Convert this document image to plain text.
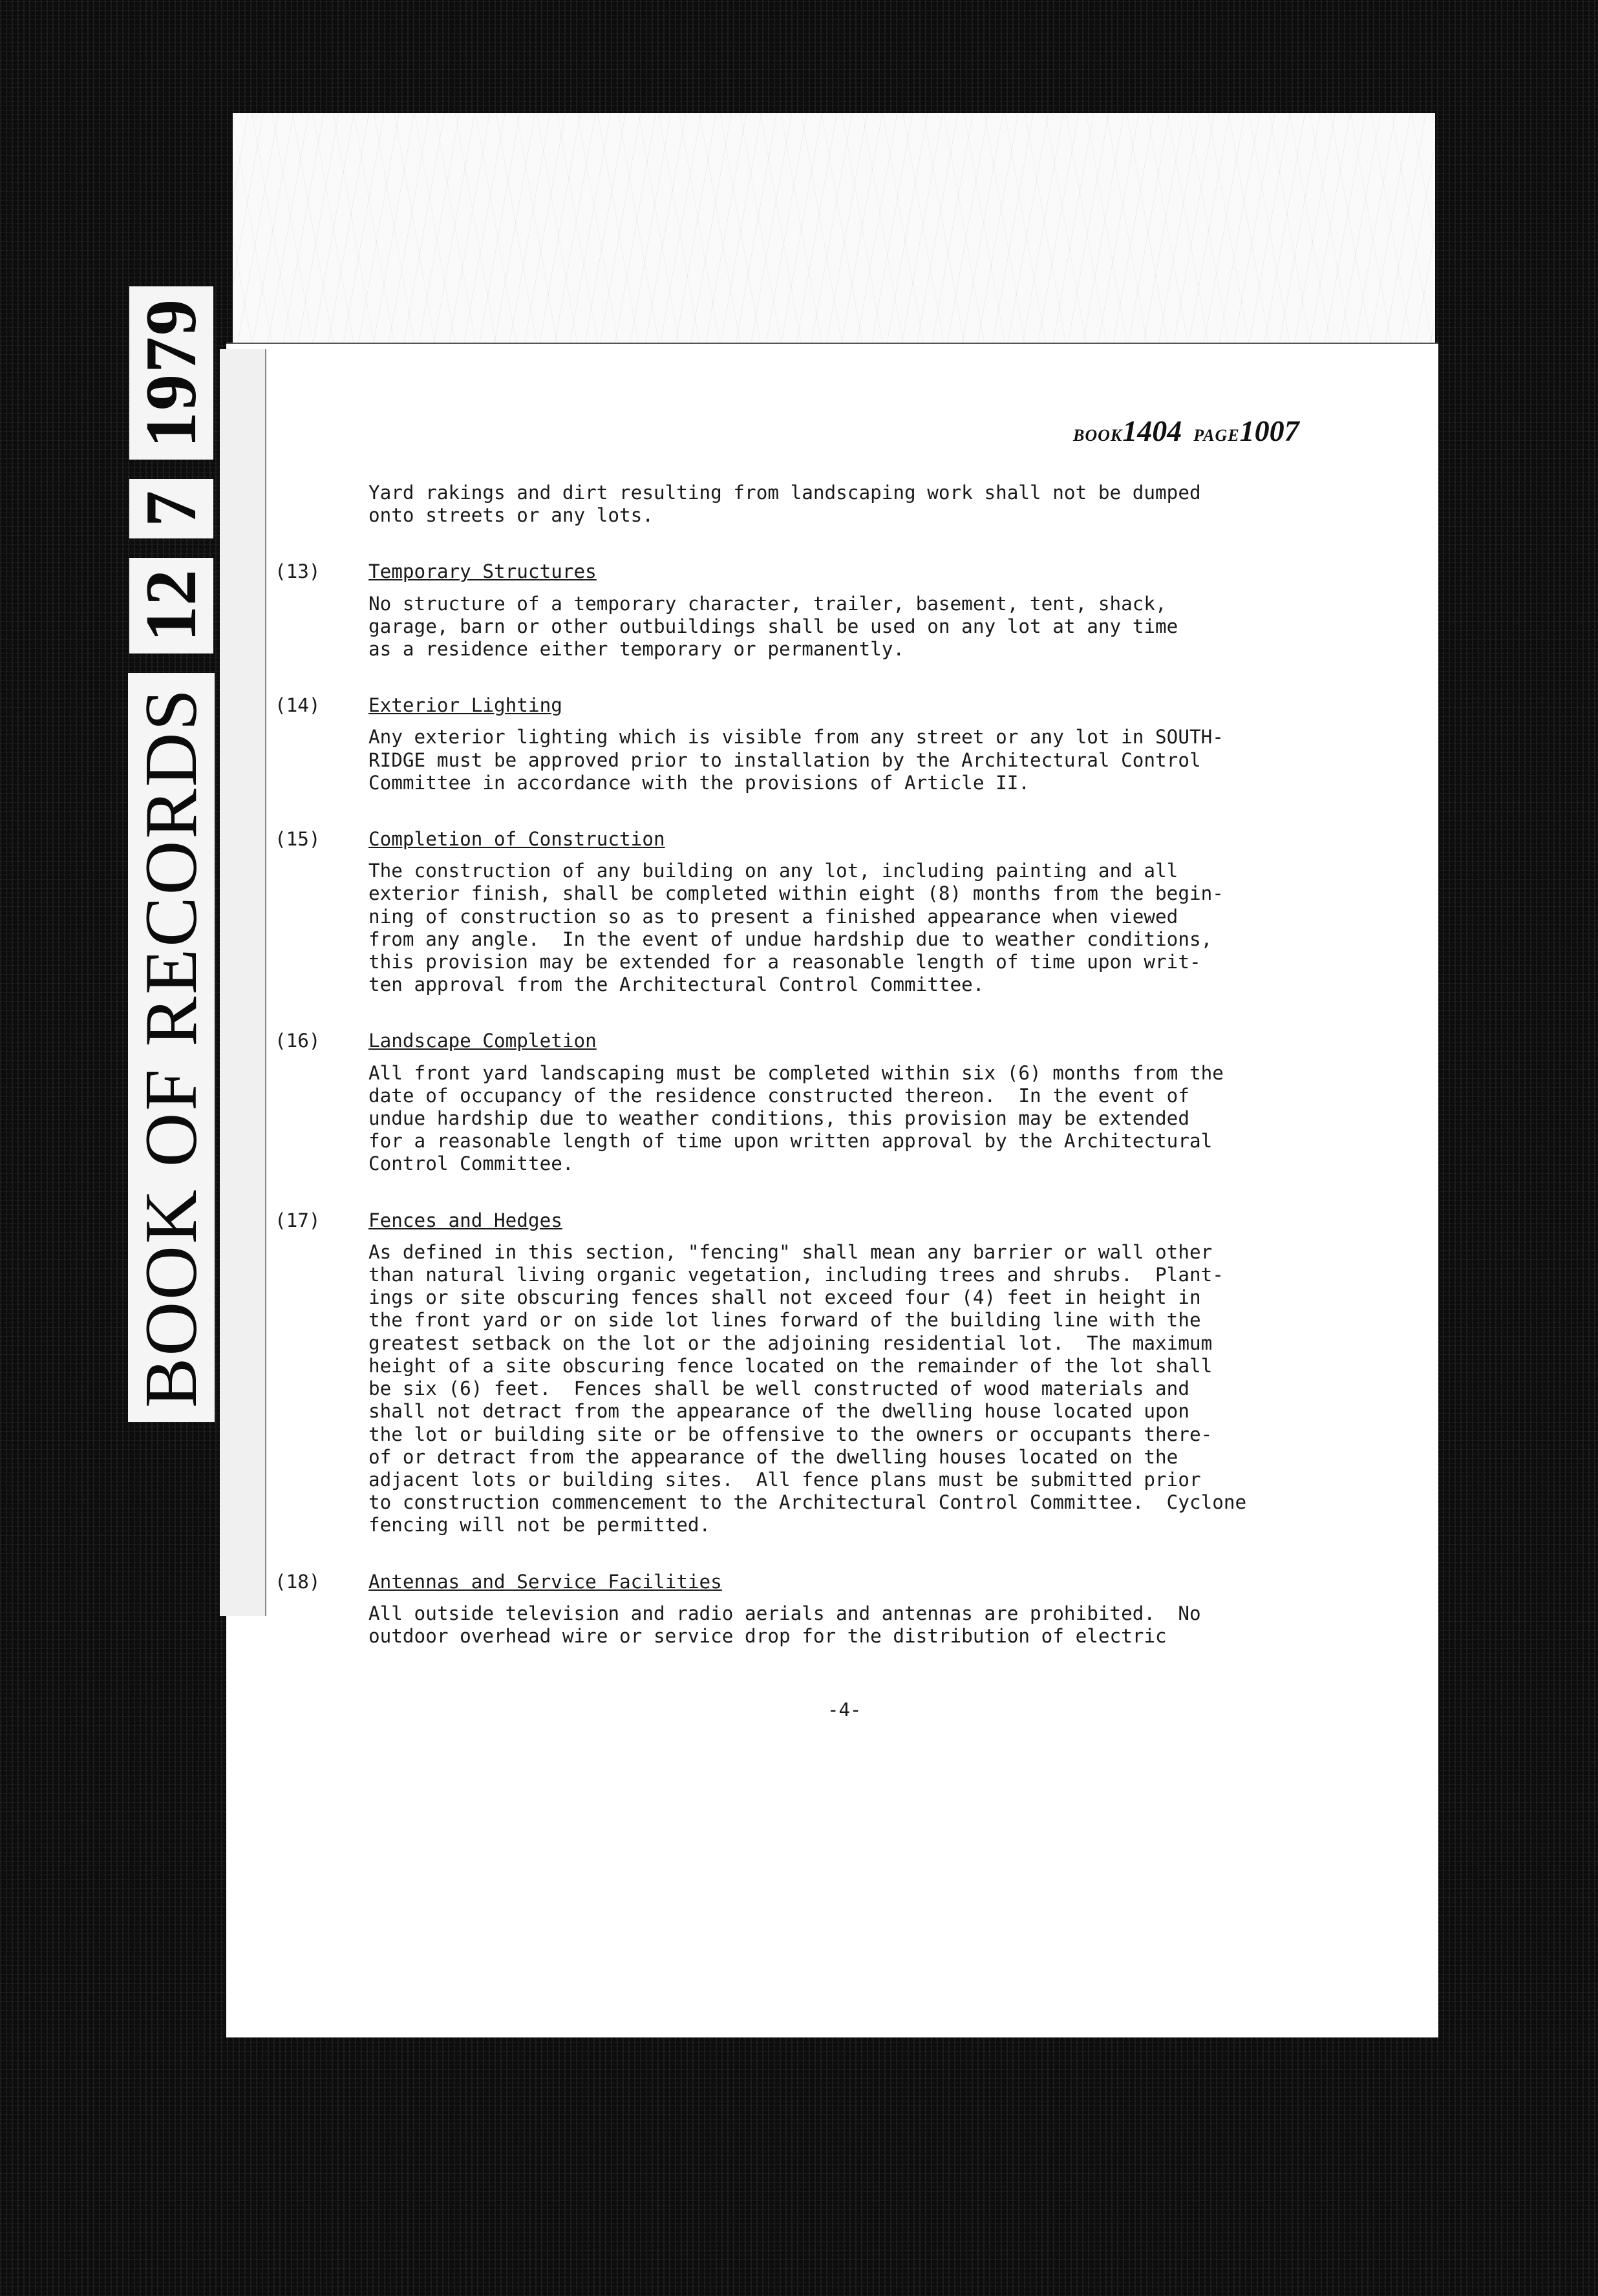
BOOK OF RECORDS
12
7
1979	BOOK1404 PAGE1007

Yard rakings and dirt resulting from landscaping work shall not be dumped

onto streets or any lots.

(13)	Temporary Structures

No structure of a temporary character, trailer, basement, tent, shack,

garage, barn or other outbuildings shall be used on any lot at any time

as a residence either temporary or permanently.

(14)	Exterior Lighting

Any exterior lighting which is visible from any street or any lot in SOUTH-

RIDGE must be approved prior to installation by the Architectural Control

Committee in accordance with the provisions of Article II.

(15)	Completion of Construction

The construction of any building on any lot, including painting and all

exterior finish, shall be completed within eight (8) months from the begin-

ning of construction so as to present a finished appearance when viewed

from any angle.  In the event of undue hardship due to weather conditions,

this provision may be extended for a reasonable length of time upon writ-

ten approval from the Architectural Control Committee.

(16)	Landscape Completion

All front yard landscaping must be completed within six (6) months from the

date of occupancy of the residence constructed thereon.  In the event of

undue hardship due to weather conditions, this provision may be extended

for a reasonable length of time upon written approval by the Architectural

Control Committee.

(17)	Fences and Hedges

As defined in this section, "fencing" shall mean any barrier or wall other

than natural living organic vegetation, including trees and shrubs.  Plant-

ings or site obscuring fences shall not exceed four (4) feet in height in

the front yard or on side lot lines forward of the building line with the

greatest setback on the lot or the adjoining residential lot.  The maximum

height of a site obscuring fence located on the remainder of the lot shall

be six (6) feet.  Fences shall be well constructed of wood materials and

shall not detract from the appearance of the dwelling house located upon

the lot or building site or be offensive to the owners or occupants there-

of or detract from the appearance of the dwelling houses located on the

adjacent lots or building sites.  All fence plans must be submitted prior

to construction commencement to the Architectural Control Committee.  Cyclone

fencing will not be permitted.

(18)	Antennas and Service Facilities

All outside television and radio aerials and antennas are prohibited.  No

outdoor overhead wire or service drop for the distribution of electric

-4-
